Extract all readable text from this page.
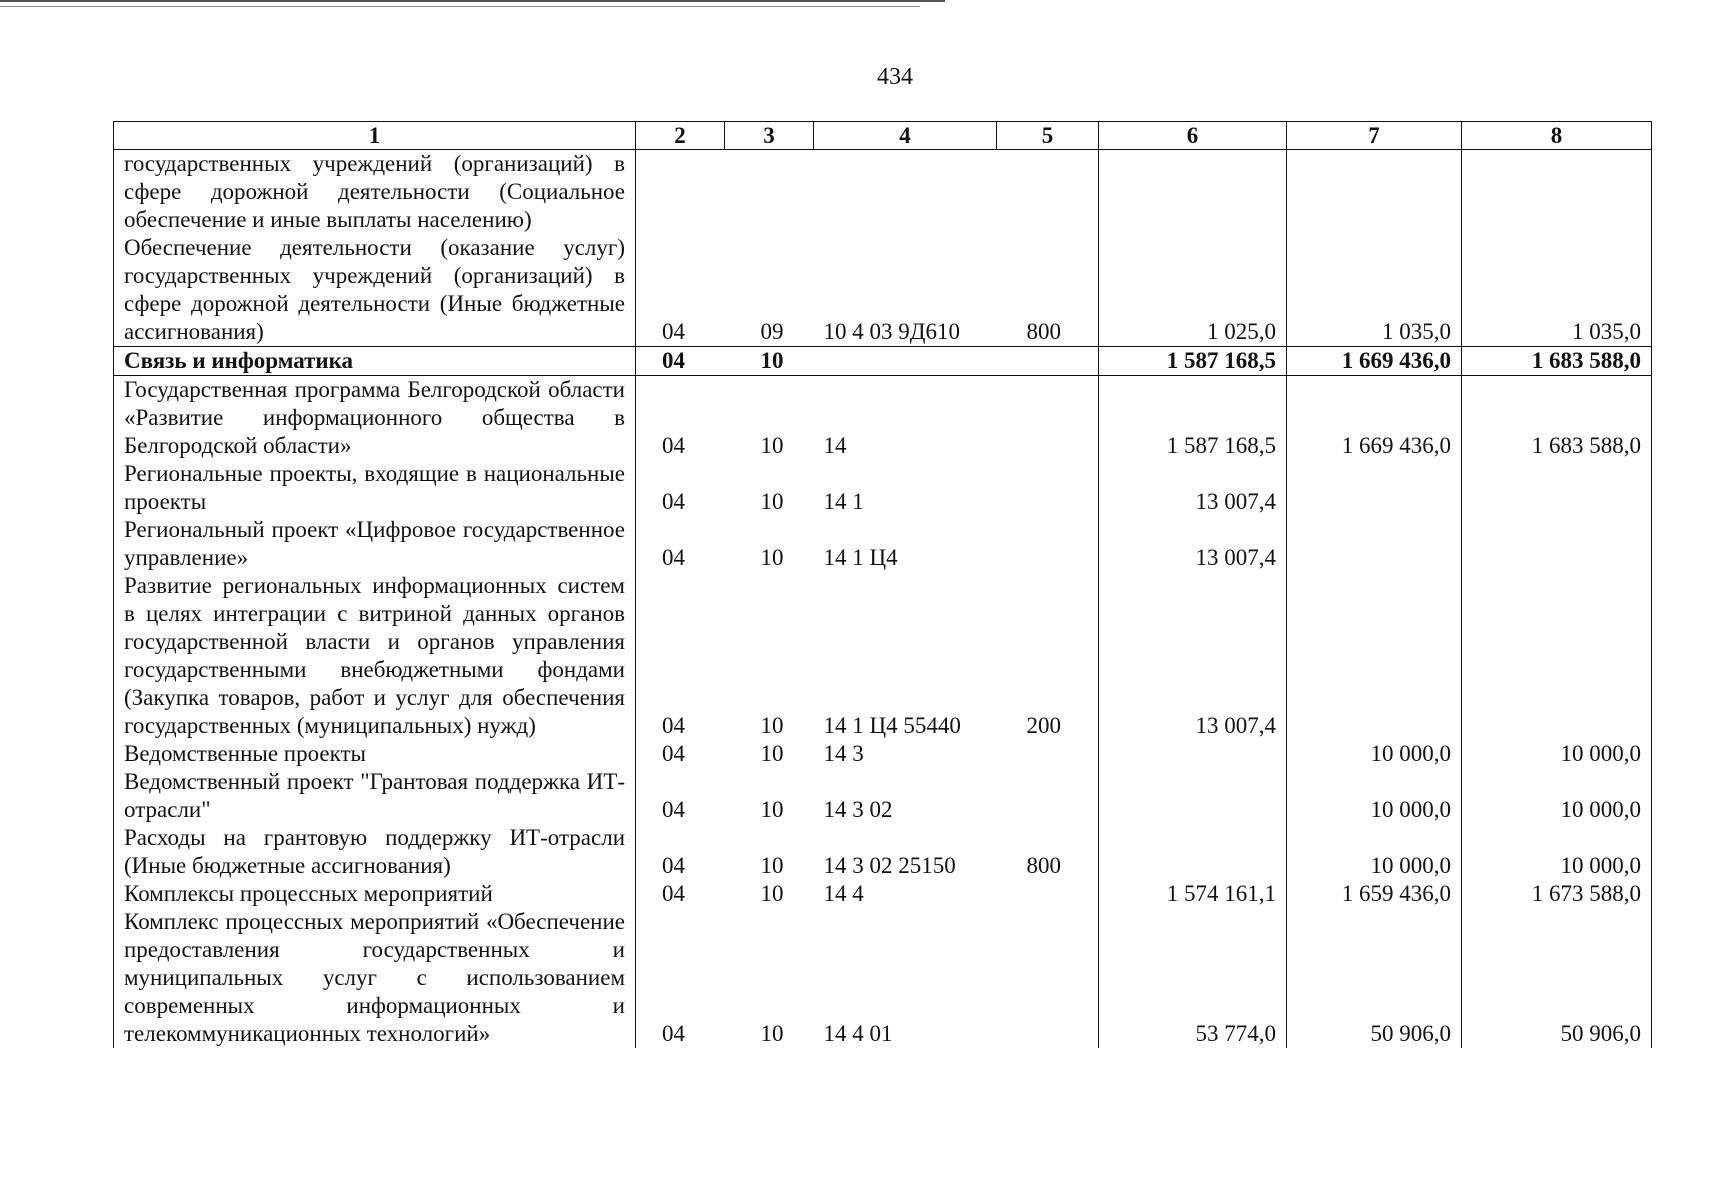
434
1	2	3	4	5	6	7	8
государственных учреждений (организаций) в сфере дорожной деятельности (Социальное обеспечение и иные выплаты населению)							
Обеспечение деятельности (оказание услуг) государственных учреждений (организаций) в сфере дорожной деятельности (Иные бюджетные ассигнования)	04	09	10 4 03 9Д610	800	1 025,0	1 035,0	1 035,0
Связь и информатика	04	10			1 587 168,5	1 669 436,0	1 683 588,0
Государственная программа Белгородской области «Развитие информационного общества в Белгородской области»	04	10	14		1 587 168,5	1 669 436,0	1 683 588,0
Региональные проекты, входящие в национальные проекты	04	10	14 1		13 007,4		
Региональный проект «Цифровое государственное управление»	04	10	14 1 Ц4		13 007,4		
Развитие региональных информационных систем в целях интеграции с витриной данных органов государственной власти и органов управления государственными внебюджетными фондами (Закупка товаров, работ и услуг для обеспечения государственных (муниципальных) нужд)	04	10	14 1 Ц4 55440	200	13 007,4		
Ведомственные проекты	04	10	14 3			10 000,0	10 000,0
Ведомственный проект "Грантовая поддержка ИТ-отрасли"	04	10	14 3 02			10 000,0	10 000,0
Расходы на грантовую поддержку ИТ-отрасли (Иные бюджетные ассигнования)	04	10	14 3 02 25150	800		10 000,0	10 000,0
Комплексы процессных мероприятий	04	10	14 4		1 574 161,1	1 659 436,0	1 673 588,0
Комплекс процессных мероприятий «Обеспечение предоставления государственных и муниципальных услуг с использованием современных информационных и телекоммуникационных технологий»	04	10	14 4 01		53 774,0	50 906,0	50 906,0
